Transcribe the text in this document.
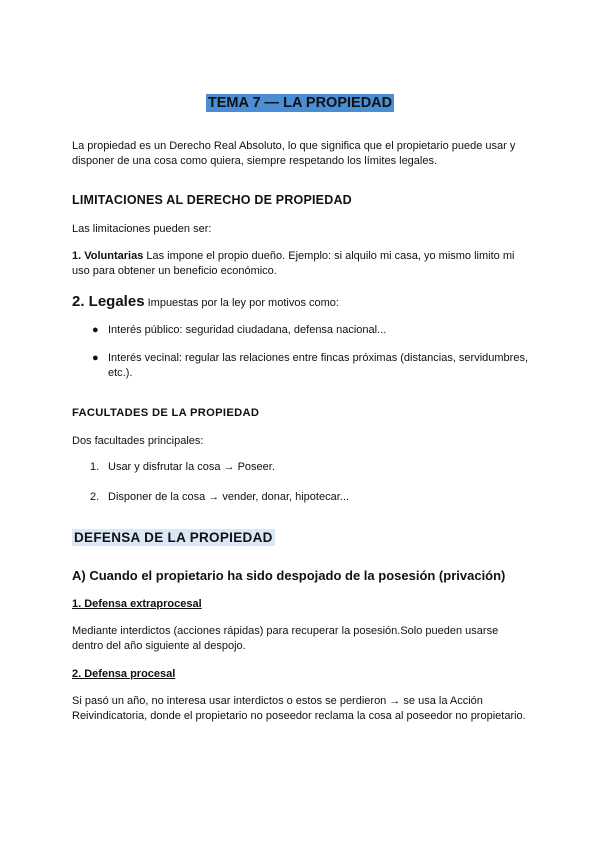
TEMA 7 — LA PROPIEDAD
La propiedad es un Derecho Real Absoluto, lo que significa que el propietario puede usar y disponer de una cosa como quiera, siempre respetando los límites legales.
LIMITACIONES AL DERECHO DE PROPIEDAD
Las limitaciones pueden ser:
1. Voluntarias Las impone el propio dueño. Ejemplo: si alquilo mi casa, yo mismo limito mi uso para obtener un beneficio económico.
2. Legales Impuestas por la ley por motivos como:
● Interés público: seguridad ciudadana, defensa nacional...
● Interés vecinal: regular las relaciones entre fincas próximas (distancias, servidumbres, etc.).
FACULTADES DE LA PROPIEDAD
Dos facultades principales:
1. Usar y disfrutar la cosa → Poseer.
2. Disponer de la cosa → vender, donar, hipotecar...
DEFENSA DE LA PROPIEDAD
A) Cuando el propietario ha sido despojado de la posesión (privación)
1. Defensa extraprocesal
Mediante interdictos (acciones rápidas) para recuperar la posesión.Solo pueden usarse dentro del año siguiente al despojo.
2. Defensa procesal
Si pasó un año, no interesa usar interdictos o estos se perdieron → se usa la Acción Reivindicatoria, donde el propietario no poseedor reclama la cosa al poseedor no propietario.
